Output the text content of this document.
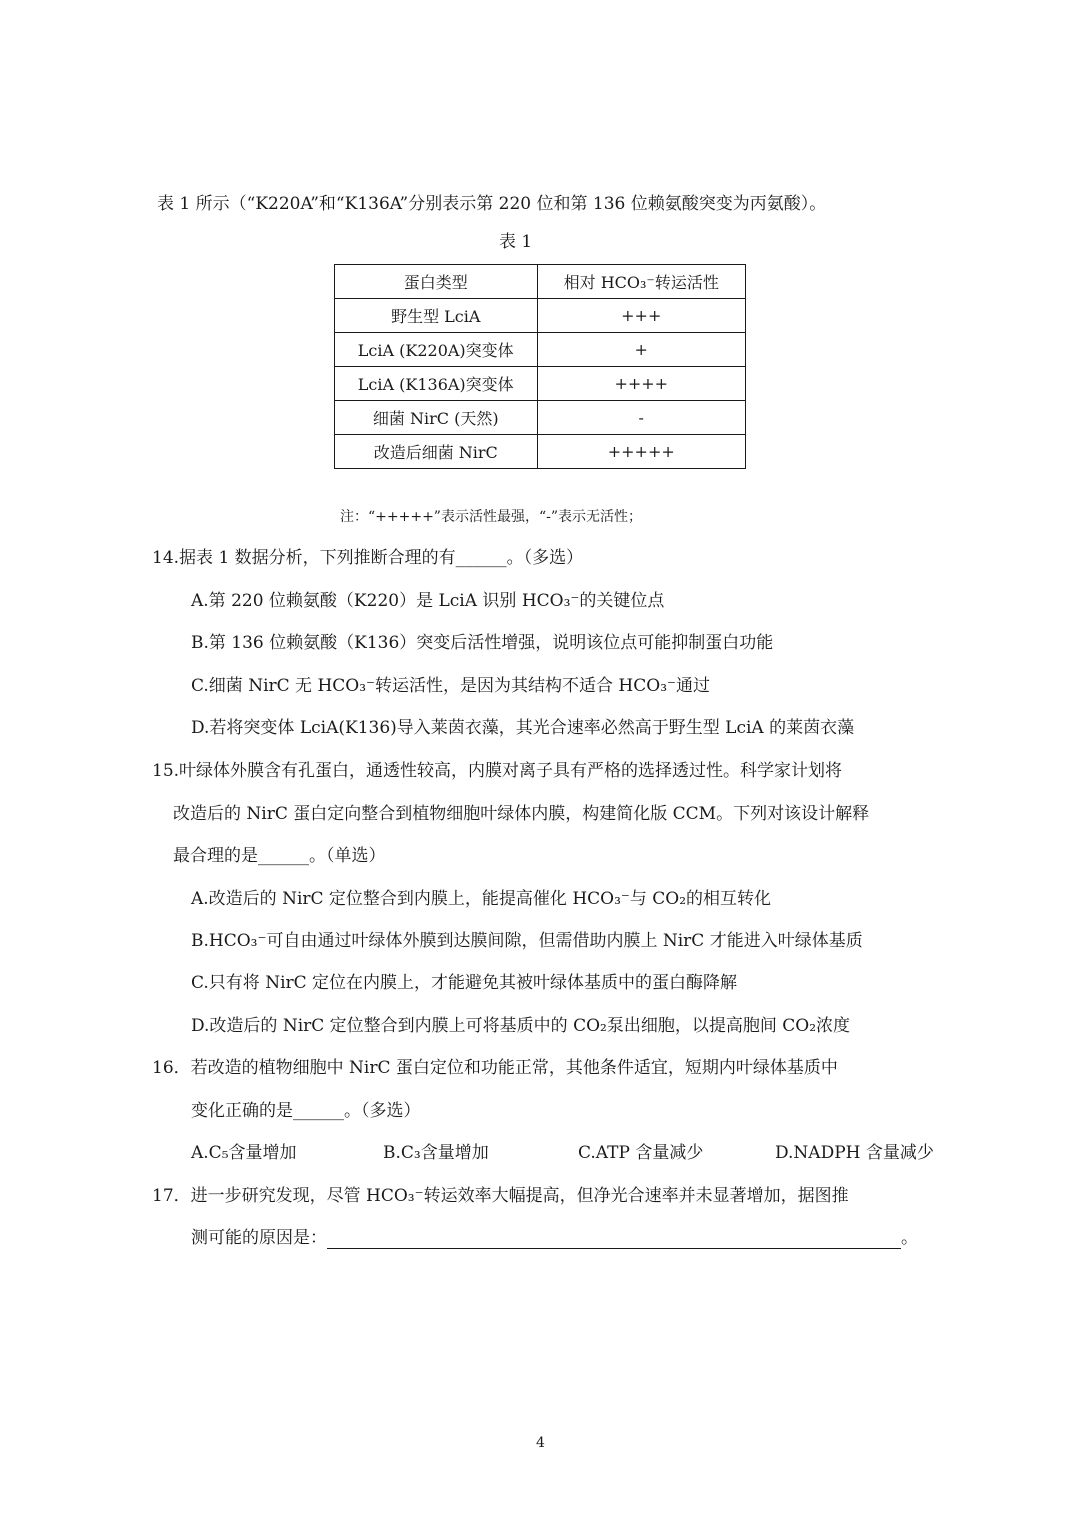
表 1 所示（“K220A”和“K136A”分别表示第 220 位和第 136 位赖氨酸突变为丙氨酸）。
表 1
蛋白类型	相对 HCO₃⁻转运活性
野生型 LciA	+++
LciA (K220A)突变体	+
LciA (K136A)突变体	++++
细菌 NirC (天然)	-
改造后细菌 NirC	+++++
注：“+++++”表示活性最强，“-”表示无活性；
14.据表 1 数据分析，下列推断合理的有______。（多选）
A.第 220 位赖氨酸（K220）是 LciA 识别 HCO₃⁻的关键位点
B.第 136 位赖氨酸（K136）突变后活性增强，说明该位点可能抑制蛋白功能
C.细菌 NirC 无 HCO₃⁻转运活性，是因为其结构不适合 HCO₃⁻通过
D.若将突变体 LciA(K136)导入莱茵衣藻，其光合速率必然高于野生型 LciA 的莱茵衣藻
15.叶绿体外膜含有孔蛋白，通透性较高，内膜对离子具有严格的选择透过性。科学家计划将
改造后的 NirC 蛋白定向整合到植物细胞叶绿体内膜，构建简化版 CCM。下列对该设计解释
最合理的是______。（单选）
A.改造后的 NirC 定位整合到内膜上，能提高催化 HCO₃⁻与 CO₂的相互转化
B.HCO₃⁻可自由通过叶绿体外膜到达膜间隙，但需借助内膜上 NirC 才能进入叶绿体基质
C.只有将 NirC 定位在内膜上，才能避免其被叶绿体基质中的蛋白酶降解
D.改造后的 NirC 定位整合到内膜上可将基质中的 CO₂泵出细胞，以提高胞间 CO₂浓度
16．若改造的植物细胞中 NirC 蛋白定位和功能正常，其他条件适宜，短期内叶绿体基质中
变化正确的是______。（多选）
A.C₅含量增加	B.C₃含量增加	C.ATP 含量减少	D.NADPH 含量减少
17．进一步研究发现，尽管 HCO₃⁻转运效率大幅提高，但净光合速率并未显著增加，据图推
测可能的原因是：	。
4
